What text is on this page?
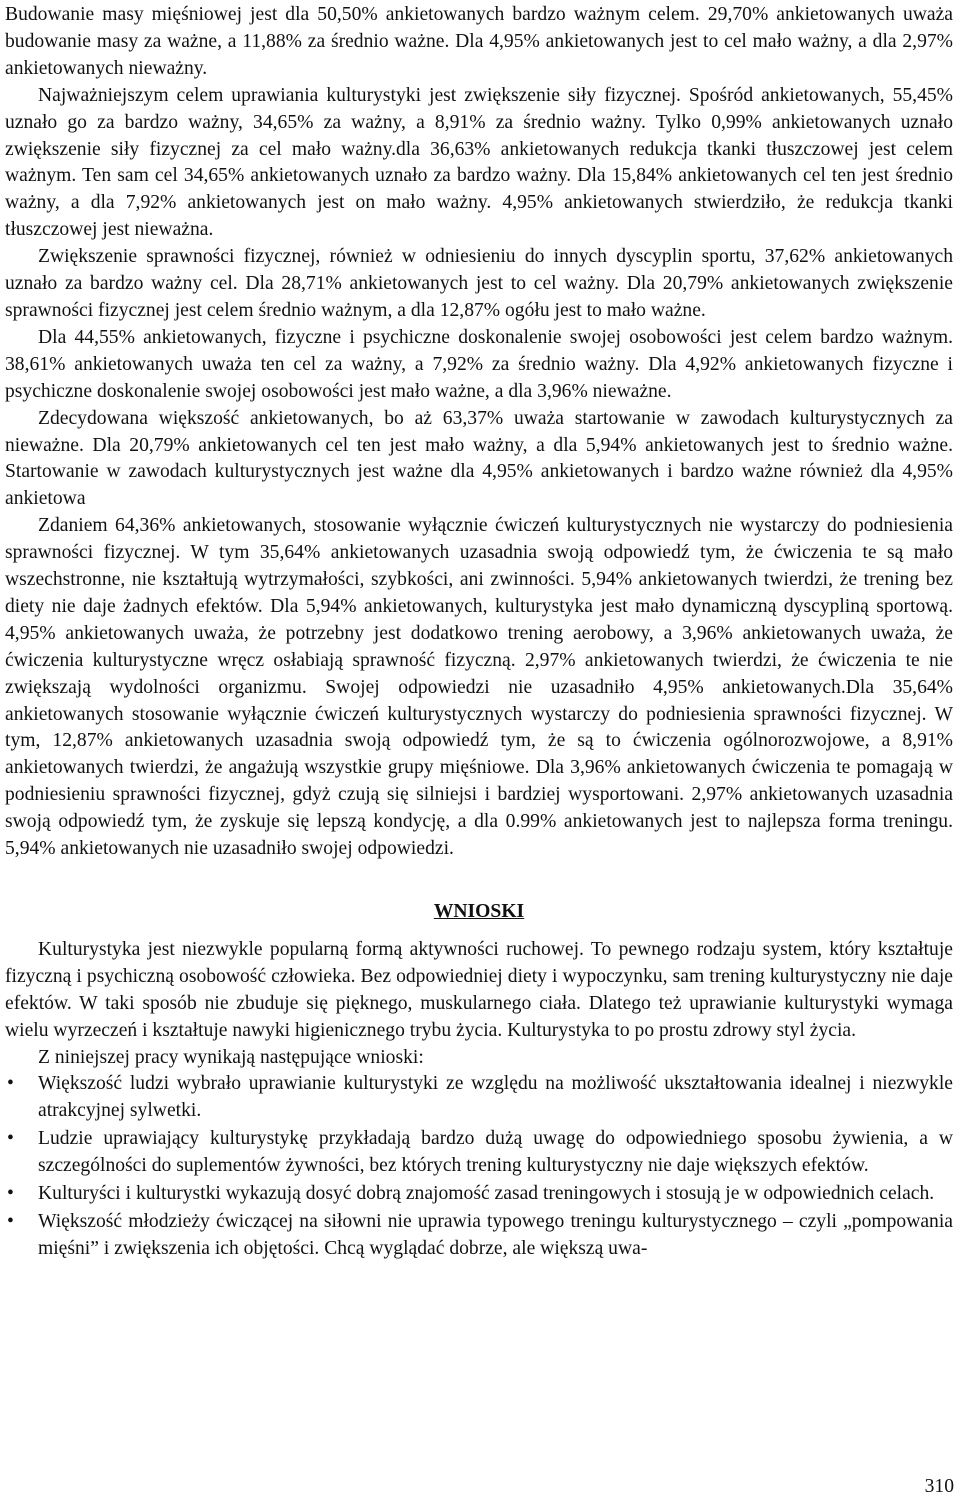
Budowanie masy mięśniowej jest dla 50,50% ankietowanych bardzo ważnym celem. 29,70% ankietowanych uważa budowanie masy za ważne, a 11,88% za średnio ważne. Dla 4,95% ankietowanych jest to cel mało ważny, a dla 2,97% ankietowanych nieważny.

Najważniejszym celem uprawiania kulturystyki jest zwiększenie siły fizycznej. Spośród ankietowanych, 55,45% uznało go za bardzo ważny, 34,65% za ważny, a 8,91% za średnio ważny. Tylko 0,99% ankietowanych uznało zwiększenie siły fizycznej za cel mało ważny.dla 36,63% ankietowanych redukcja tkanki tłuszczowej jest celem ważnym. Ten sam cel 34,65% ankietowanych uznało za bardzo ważny. Dla 15,84% ankietowanych cel ten jest średnio ważny, a dla 7,92% ankietowanych jest on mało ważny. 4,95% ankietowanych stwierdziło, że redukcja tkanki tłuszczowej jest nieważna.

Zwiększenie sprawności fizycznej, również w odniesieniu do innych dyscyplin sportu, 37,62% ankietowanych uznało za bardzo ważny cel. Dla 28,71% ankietowanych jest to cel ważny. Dla 20,79% ankietowanych zwiększenie sprawności fizycznej jest celem średnio ważnym, a dla 12,87% ogółu jest to mało ważne.

Dla 44,55% ankietowanych, fizyczne i psychiczne doskonalenie swojej osobowości jest celem bardzo ważnym. 38,61% ankietowanych uważa ten cel za ważny, a 7,92% za średnio ważny. Dla 4,92% ankietowanych fizyczne i psychiczne doskonalenie swojej osobowości jest mało ważne, a dla 3,96% nieważne.

Zdecydowana większość ankietowanych, bo aż 63,37% uważa startowanie w zawodach kulturystycznych za nieważne. Dla 20,79% ankietowanych cel ten jest mało ważny, a dla 5,94% ankietowanych jest to średnio ważne. Startowanie w zawodach kulturystycznych jest ważne dla 4,95% ankietowanych i bardzo ważne również dla 4,95% ankietowa

Zdaniem 64,36% ankietowanych, stosowanie wyłącznie ćwiczeń kulturystycznych nie wystarczy do podniesienia sprawności fizycznej. W tym 35,64% ankietowanych uzasadnia swoją odpowiedź tym, że ćwiczenia te są mało wszechstronne, nie kształtują wytrzymałości, szybkości, ani zwinności. 5,94% ankietowanych twierdzi, że trening bez diety nie daje żadnych efektów. Dla 5,94% ankietowanych, kulturystyka jest mało dynamiczną dyscypliną sportową. 4,95% ankietowanych uważa, że potrzebny jest dodatkowo trening aerobowy, a 3,96% ankietowanych uważa, że ćwiczenia kulturystyczne wręcz osłabiają sprawność fizyczną. 2,97% ankietowanych twierdzi, że ćwiczenia te nie zwiększają wydolności organizmu. Swojej odpowiedzi nie uzasadniło 4,95% ankietowanych.Dla 35,64% ankietowanych stosowanie wyłącznie ćwiczeń kulturystycznych wystarczy do podniesienia sprawności fizycznej. W tym, 12,87% ankietowanych uzasadnia swoją odpowiedź tym, że są to ćwiczenia ogólnorozwojowe, a 8,91% ankietowanych twierdzi, że angażują wszystkie grupy mięśniowe. Dla 3,96% ankietowanych ćwiczenia te pomagają w podniesieniu sprawności fizycznej, gdyż czują się silniejsi i bardziej wysportowani. 2,97% ankietowanych uzasadnia swoją odpowiedź tym, że zyskuje się lepszą kondycję, a dla 0.99% ankietowanych jest to najlepsza forma treningu. 5,94% ankietowanych nie uzasadniło swojej odpowiedzi.

WNIOSKI

Kulturystyka jest niezwykle popularną formą aktywności ruchowej. To pewnego rodzaju system, który kształtuje fizyczną i psychiczną osobowość człowieka. Bez odpowiedniej diety i wypoczynku, sam trening kulturystyczny nie daje efektów. W taki sposób nie zbuduje się pięknego, muskularnego ciała. Dlatego też uprawianie kulturystyki wymaga wielu wyrzeczeń i kształtuje nawyki higienicznego trybu życia. Kulturystyka to po prostu zdrowy styl życia.

Z niniejszej pracy wynikają następujące wnioski:

• Większość ludzi wybrało uprawianie kulturystyki ze względu na możliwość ukształtowania idealnej i niezwykle atrakcyjnej sylwetki.
• Ludzie uprawiający kulturystykę przykładają bardzo dużą uwagę do odpowiedniego sposobu żywienia, a w szczególności do suplementów żywności, bez których trening kulturystyczny nie daje większych efektów.
• Kulturyści i kulturystki wykazują dosyć dobrą znajomość zasad treningowych i stosują je w odpowiednich celach.
• Większość młodzieży ćwiczącej na siłowni nie uprawia typowego treningu kulturystycznego – czyli „pompowania mięśni” i zwiększenia ich objętości. Chcą wyglądać dobrze, ale większą uwa-
310
